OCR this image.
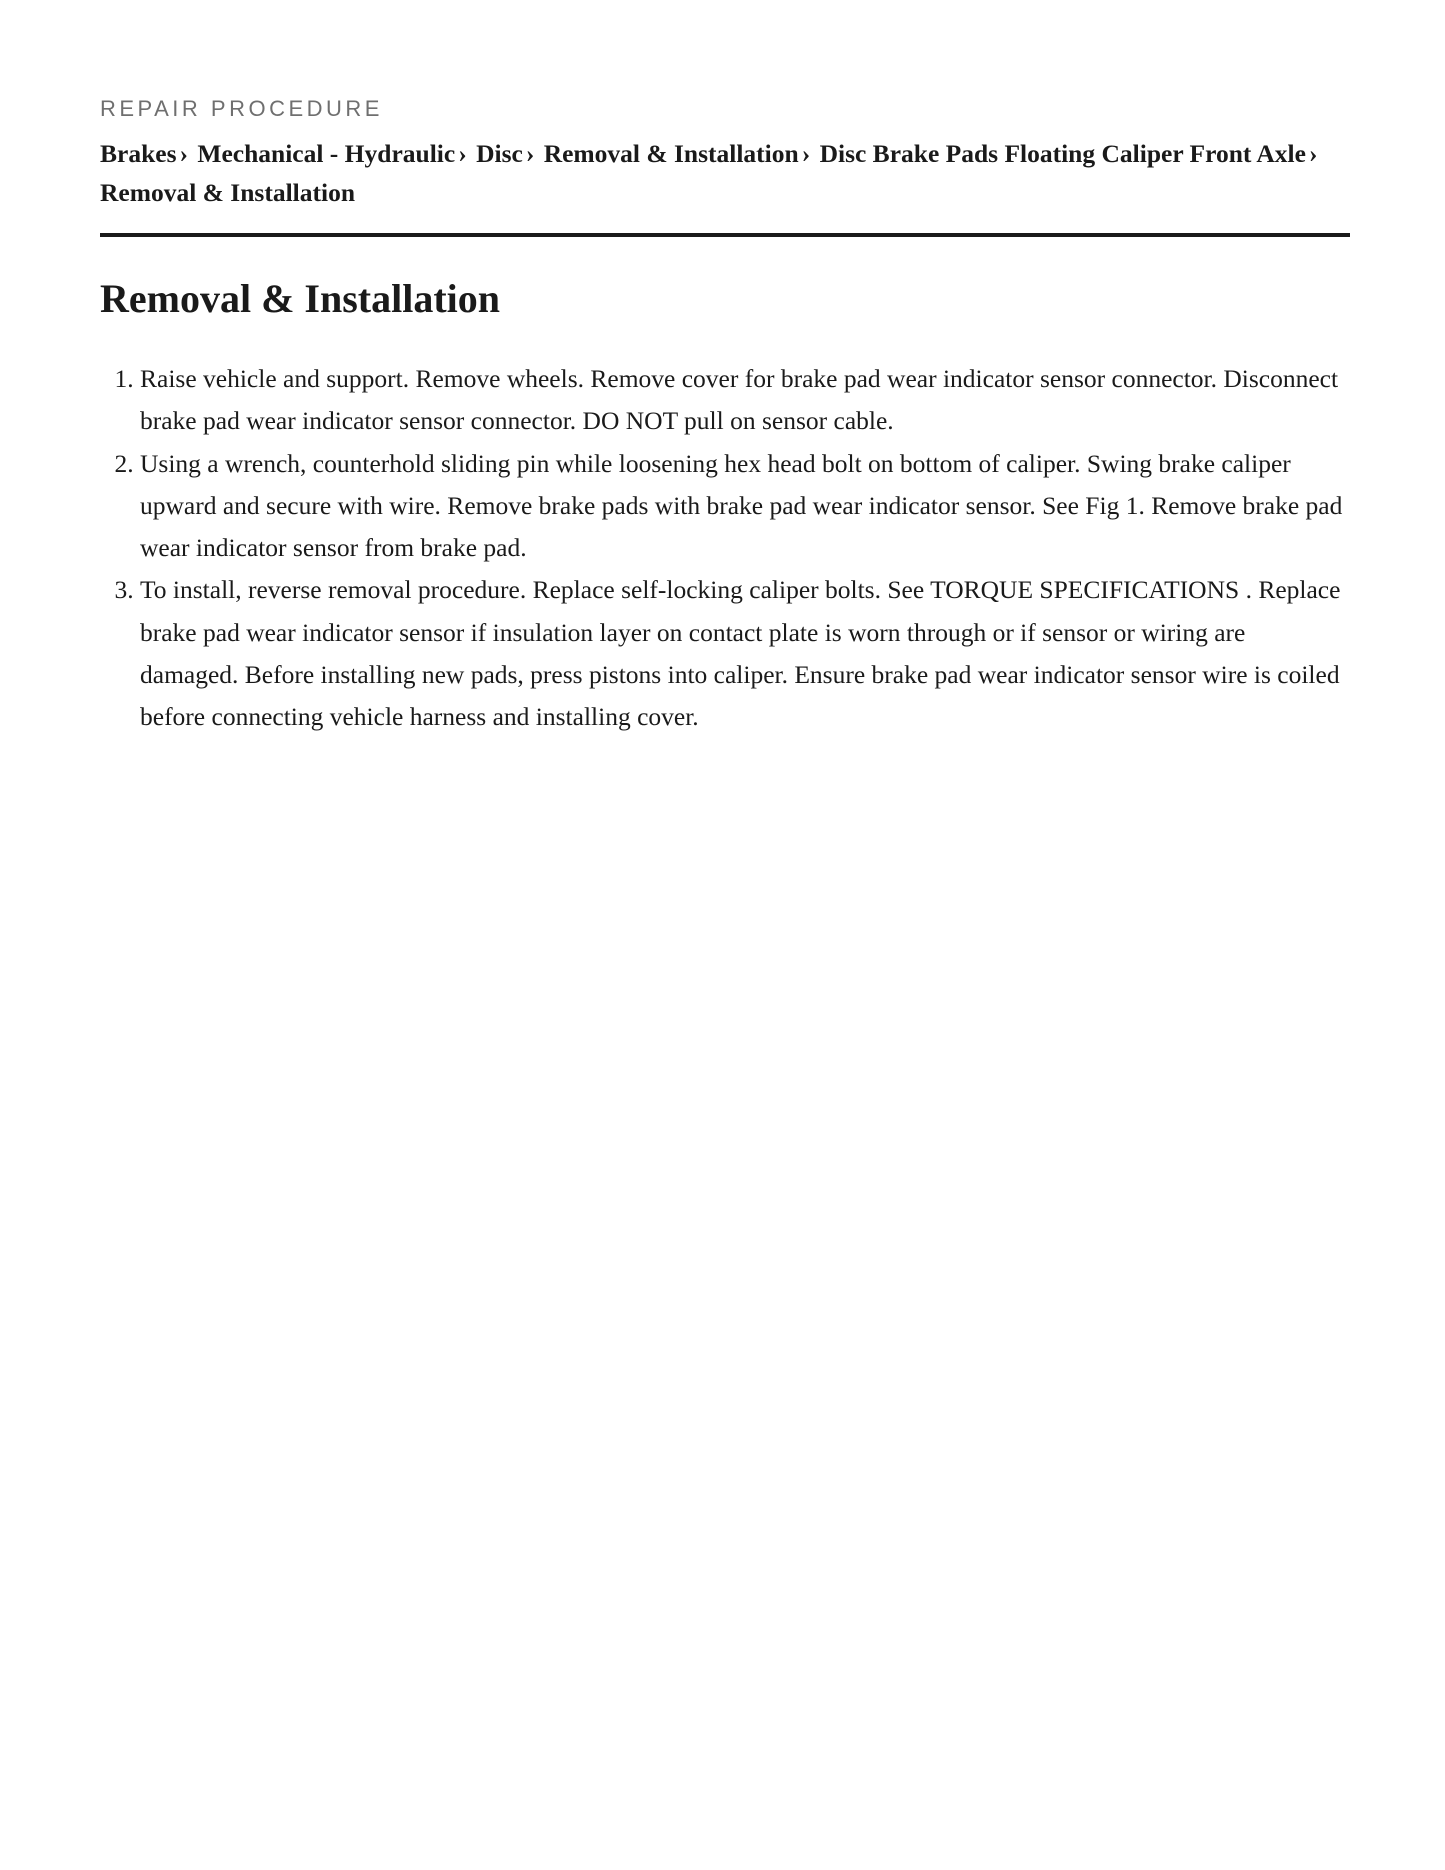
REPAIR PROCEDURE

Brakes › Mechanical - Hydraulic › Disc › Removal & Installation › Disc Brake Pads Floating Caliper Front Axle › Removal & Installation
Removal & Installation
1. Raise vehicle and support. Remove wheels. Remove cover for brake pad wear indicator sensor connector. Disconnect brake pad wear indicator sensor connector. DO NOT pull on sensor cable.
2. Using a wrench, counterhold sliding pin while loosening hex head bolt on bottom of caliper. Swing brake caliper upward and secure with wire. Remove brake pads with brake pad wear indicator sensor. See Fig 1. Remove brake pad wear indicator sensor from brake pad.
3. To install, reverse removal procedure. Replace self-locking caliper bolts. See TORQUE SPECIFICATIONS . Replace brake pad wear indicator sensor if insulation layer on contact plate is worn through or if sensor or wiring are damaged. Before installing new pads, press pistons into caliper. Ensure brake pad wear indicator sensor wire is coiled before connecting vehicle harness and installing cover.
